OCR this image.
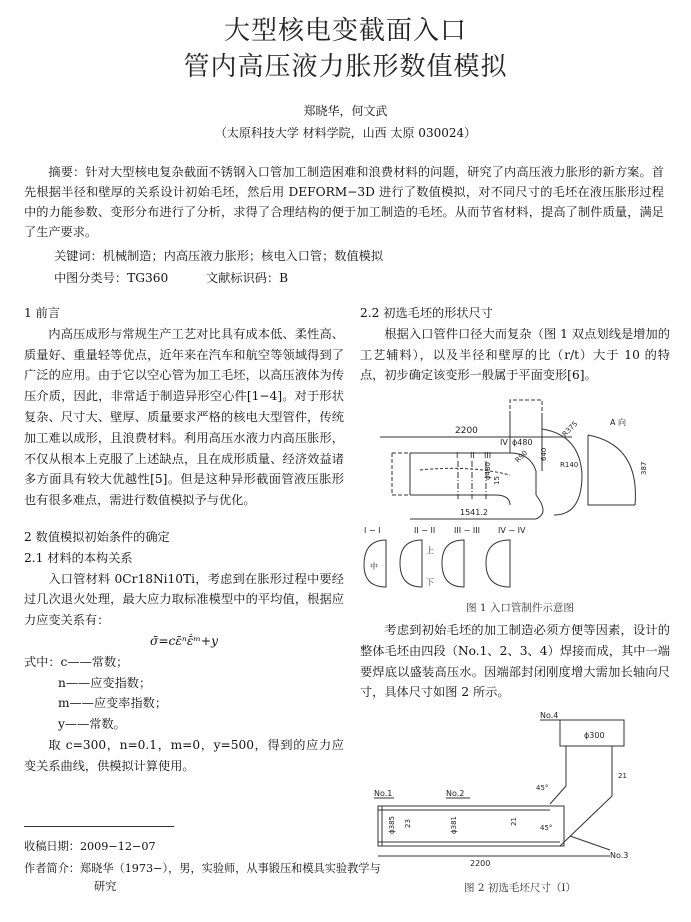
大型核电变截面入口
管内高压液力胀形数值模拟
郑晓华，何文武
（太原科技大学 材料学院，山西 太原 030024）

摘要：针对大型核电复杂截面不锈钢入口管加工制造困难和浪费材料的问题，研究了内高压液力胀形的新方案。首先根据半径和壁厚的关系设计初始毛坯，然后用 DEFORM−3D 进行了数值模拟，对不同尺寸的毛坯在液压胀形过程中的力能参数、变形分布进行了分析，求得了合理结构的便于加工制造的毛坯。从而节省材料，提高了制件质量，满足了生产要求。

关键词：机械制造；内高压液力胀形；核电入口管；数值模拟
中图分类号：TG360	文献标识码：B

1 前言

内高压成形与常规生产工艺对比具有成本低、柔性高、质量好、重量轻等优点，近年来在汽车和航空等领域得到了广泛的应用。由于它以空心管为加工毛坯，以高压液体为传压介质，因此，非常适于制造异形空心件[1−4]。对于形状复杂、尺寸大、壁厚、质量要求严格的核电大型管件，传统加工难以成形，且浪费材料。利用高压水液力内高压胀形，不仅从根本上克服了上述缺点，且在成形质量、经济效益诸多方面具有较大优越性[5]。但是这种异形截面管液压胀形也有很多难点，需进行数值模拟予与优化。

2 数值模拟初始条件的确定

2.1 材料的本构关系

入口管材料 0Cr18Ni10Ti，考虑到在胀形过程中要经过几次退火处理，最大应力取标准模型中的平均值，根据应力应变关系有：

σ̄=cε̄ⁿε̄̇ᵐ+y

式中：c——常数；
n——应变指数；
m——应变率指数；
y——常数。

取 c=300，n=0.1，m=0，y=500，得到的应力应变关系曲线，供模拟计算使用。

收稿日期：2009−12−07
作者简介：郑晓华（1973−），男，实验师，从事锻压和模具实验教学与
研究

2.2 初选毛坯的形状尺寸

根据入口管件口径大而复杂（图 1 双点划线是增加的工艺辅料），以及半径和壁厚的比（r/t）大于 10 的特点，初步确定该变形一般属于平面变形[6]。

2200
I II III
IV ϕ480
ϕ480
15
R90 640
R140
R375	A 向
387
1541.2
I − I	II − II III − III IV − IV
中
上
下
图 1 入口管制件示意图

考虑到初始毛坯的加工制造必须方便等因素，设计的整体毛坯由四段（No.1、2、3、4）焊接而成，其中一端要焊底以盛装高压水。因端部封闭刚度增大需加长轴向尺寸，具体尺寸如图 2 所示。

No.4
ϕ300
21
45°
45°
No.1	No.2
ϕ385 23	ϕ381	21
2200
No.3
图 2 初选毛坯尺寸（Ⅰ）
